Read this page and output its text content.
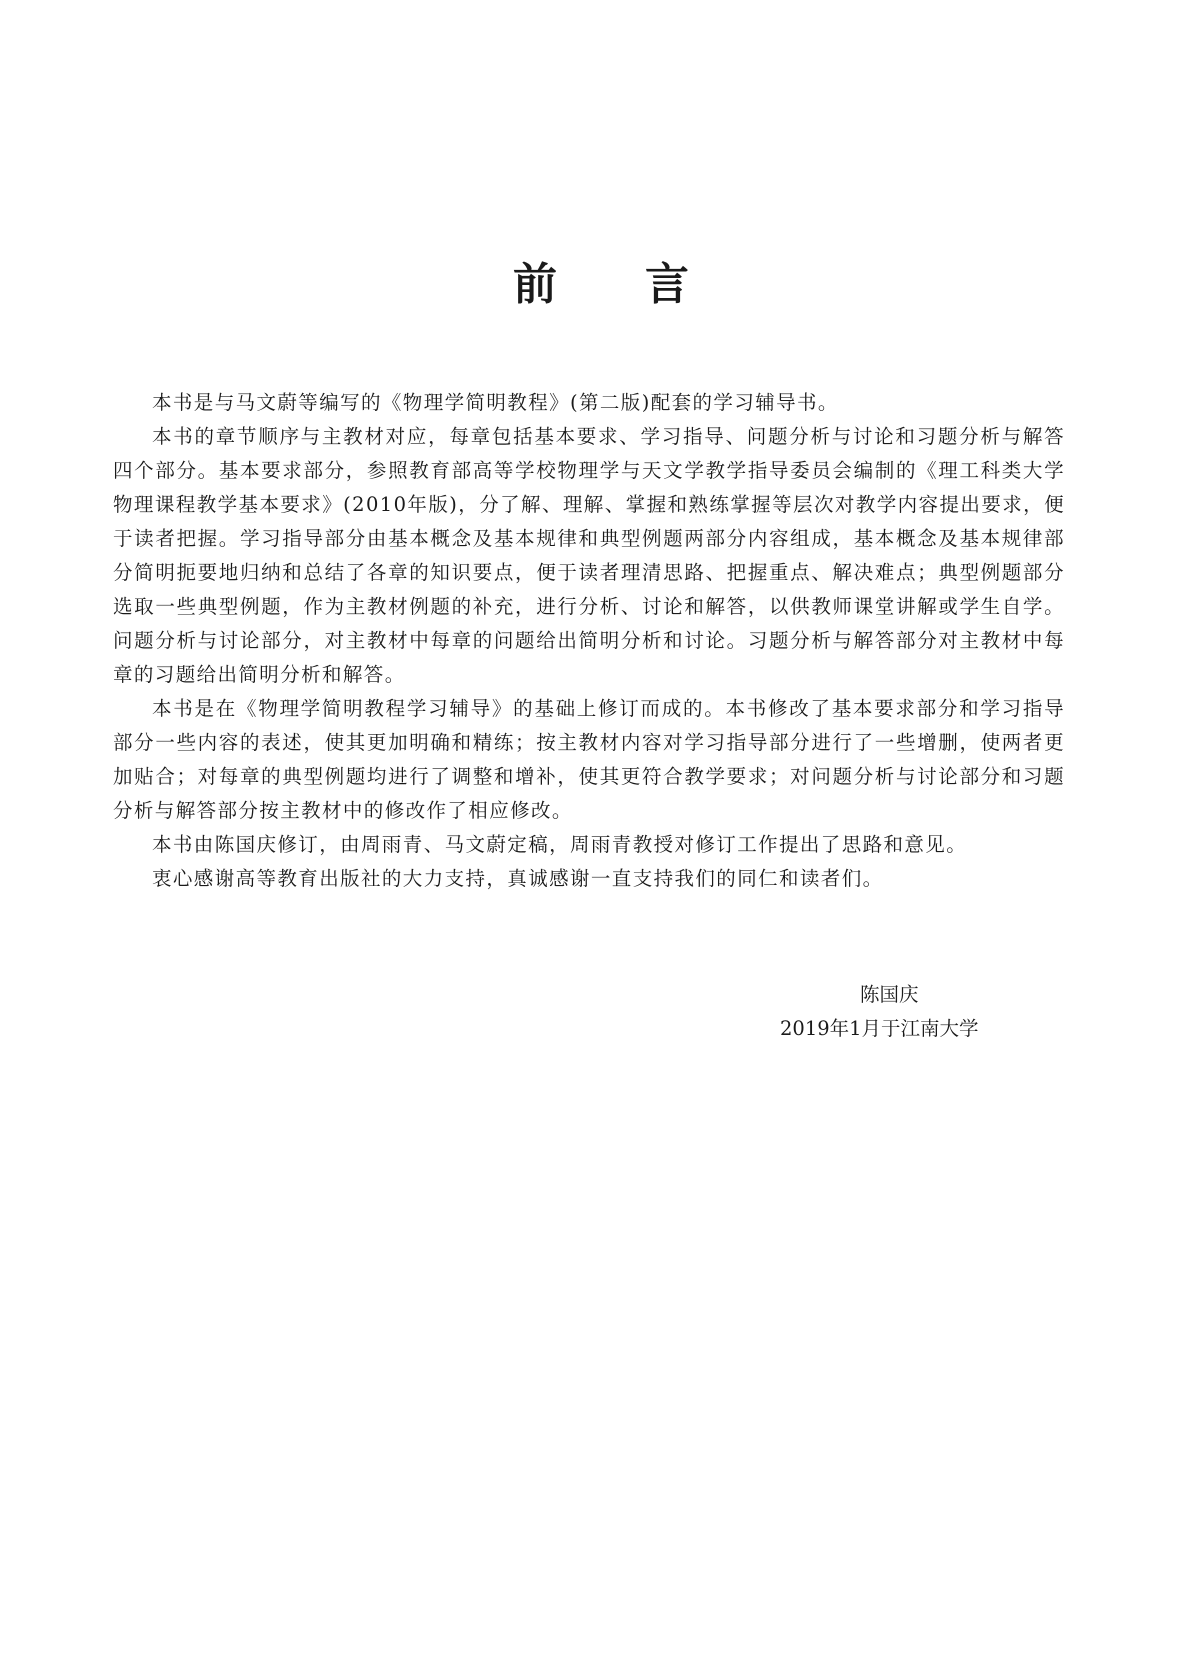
前言

本书是与马文蔚等编写的《物理学简明教程》(第二版)配套的学习辅导书。

本书的章节顺序与主教材对应，每章包括基本要求、学习指导、问题分析与讨论和习题分析与解答四个部分。基本要求部分，参照教育部高等学校物理学与天文学教学指导委员会编制的《理工科类大学物理课程教学基本要求》(2010年版)，分了解、理解、掌握和熟练掌握等层次对教学内容提出要求，便于读者把握。学习指导部分由基本概念及基本规律和典型例题两部分内容组成，基本概念及基本规律部分简明扼要地归纳和总结了各章的知识要点，便于读者理清思路、把握重点、解决难点；典型例题部分选取一些典型例题，作为主教材例题的补充，进行分析、讨论和解答，以供教师课堂讲解或学生自学。问题分析与讨论部分，对主教材中每章的问题给出简明分析和讨论。习题分析与解答部分对主教材中每章的习题给出简明分析和解答。

本书是在《物理学简明教程学习辅导》的基础上修订而成的。本书修改了基本要求部分和学习指导部分一些内容的表述，使其更加明确和精练；按主教材内容对学习指导部分进行了一些增删，使两者更加贴合；对每章的典型例题均进行了调整和增补，使其更符合教学要求；对问题分析与讨论部分和习题分析与解答部分按主教材中的修改作了相应修改。

本书由陈国庆修订，由周雨青、马文蔚定稿，周雨青教授对修订工作提出了思路和意见。

衷心感谢高等教育出版社的大力支持，真诚感谢一直支持我们的同仁和读者们。

陈国庆
2019年1月于江南大学
